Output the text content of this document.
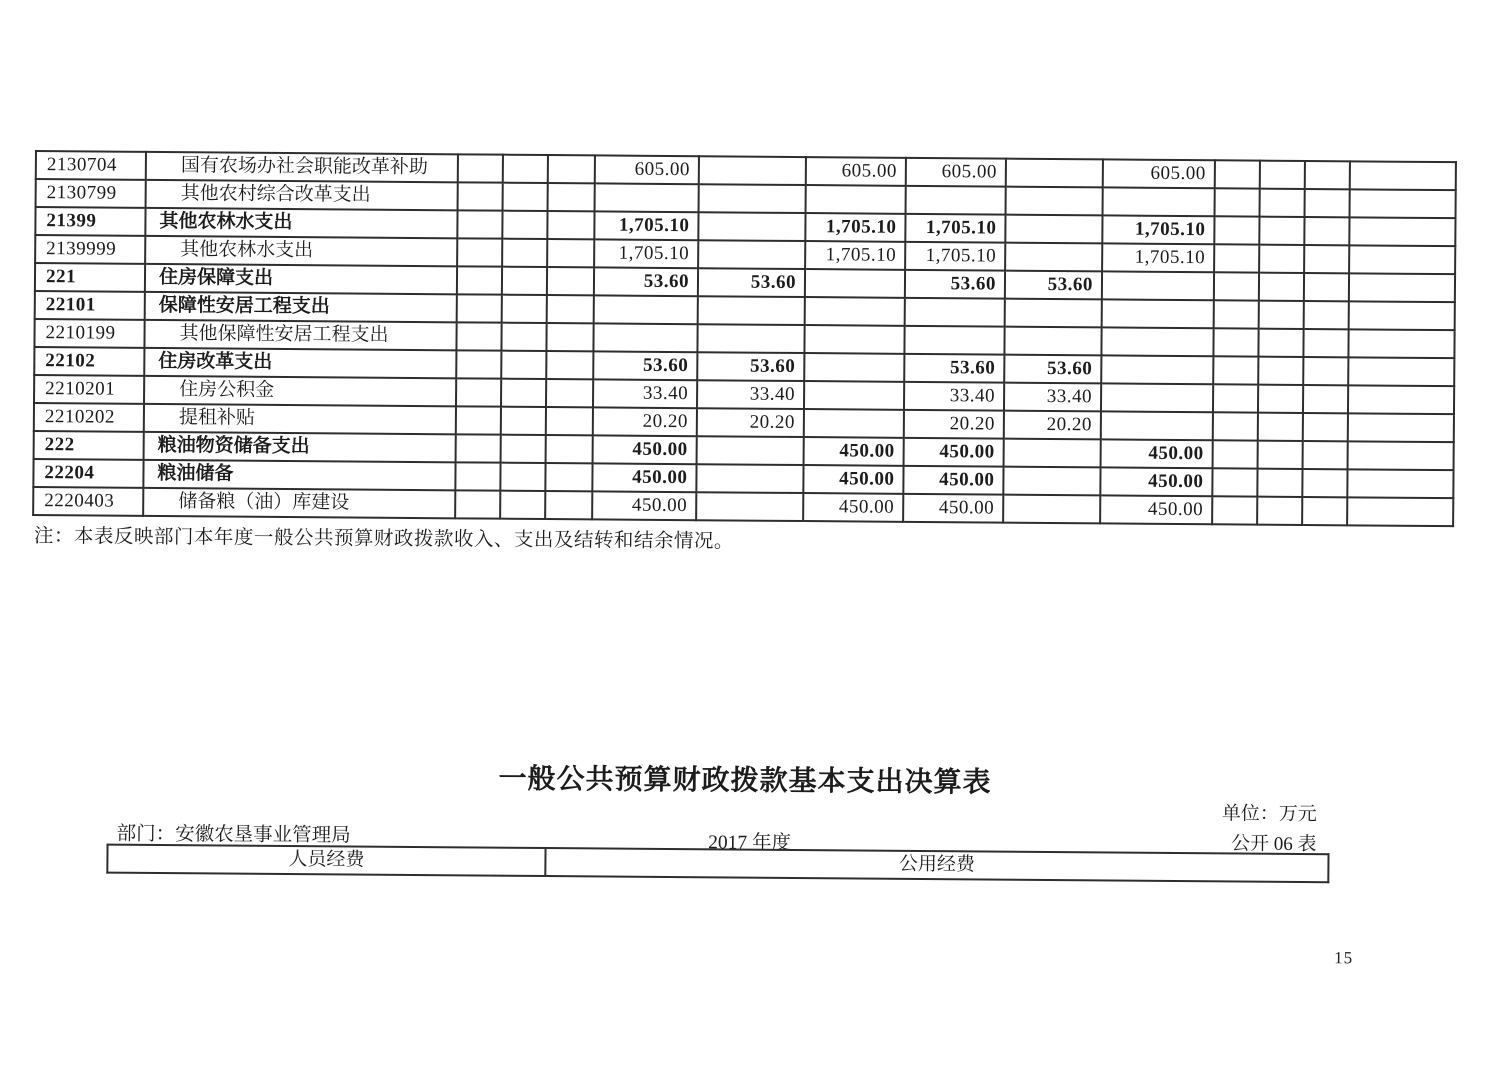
2130704	国有农场办社会职能改革补助				605.00		605.00	605.00		605.00				
2130799	其他农村综合改革支出													
21399	其他农林水支出				1,705.10		1,705.10	1,705.10		1,705.10				
2139999	其他农林水支出				1,705.10		1,705.10	1,705.10		1,705.10				
221	住房保障支出				53.60	53.60		53.60	53.60					
22101	保障性安居工程支出													
2210199	其他保障性安居工程支出													
22102	住房改革支出				53.60	53.60		53.60	53.60					
2210201	住房公积金				33.40	33.40		33.40	33.40					
2210202	提租补贴				20.20	20.20		20.20	20.20					
222	粮油物资储备支出				450.00		450.00	450.00		450.00				
22204	粮油储备				450.00		450.00	450.00		450.00				
2220403	储备粮（油）库建设				450.00		450.00	450.00		450.00				
注：本表反映部门本年度一般公共预算财政拨款收入、支出及结转和结余情况。
一般公共预算财政拨款基本支出决算表
单位：万元
部门：安徽农垦事业管理局	2017 年度	公开 06 表
人员经费	公用经费
15
